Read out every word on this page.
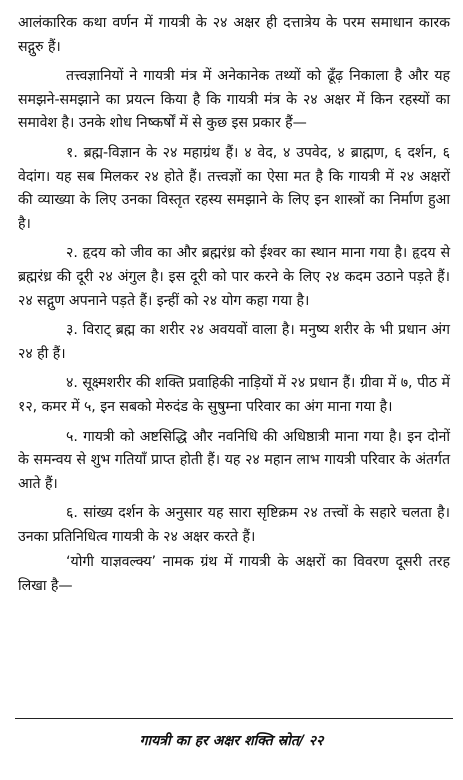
आलंकारिक कथा वर्णन में गायत्री के २४ अक्षर ही दत्तात्रेय के परम समाधान कारक सद्गुरु हैं।

तत्त्वज्ञानियों ने गायत्री मंत्र में अनेकानेक तथ्यों को ढूँढ़ निकाला है और यह समझने-समझाने का प्रयत्न किया है कि गायत्री मंत्र के २४ अक्षर में किन रहस्यों का समावेश है। उनके शोध निष्कर्षों में से कुछ इस प्रकार हैं—

१. ब्रह्म-विज्ञान के २४ महाग्रंथ हैं। ४ वेद, ४ उपवेद, ४ ब्राह्मण, ६ दर्शन, ६ वेदांग। यह सब मिलकर २४ होते हैं। तत्त्वज्ञों का ऐसा मत है कि गायत्री में २४ अक्षरों की व्याख्या के लिए उनका विस्तृत रहस्य समझाने के लिए इन शास्त्रों का निर्माण हुआ है।

२. हृदय को जीव का और ब्रह्मरंध्र को ईश्वर का स्थान माना गया है। हृदय से ब्रह्मरंध्र की दूरी २४ अंगुल है। इस दूरी को पार करने के लिए २४ कदम उठाने पड़ते हैं। २४ सद्गुण अपनाने पड़ते हैं। इन्हीं को २४ योग कहा गया है।

३. विराट् ब्रह्म का शरीर २४ अवयवों वाला है। मनुष्य शरीर के भी प्रधान अंग २४ ही हैं।

४. सूक्ष्मशरीर की शक्ति प्रवाहिकी नाड़ियों में २४ प्रधान हैं। ग्रीवा में ७, पीठ में १२, कमर में ५, इन सबको मेरुदंड के सुषुम्ना परिवार का अंग माना गया है।

५. गायत्री को अष्टसिद्धि और नवनिधि की अधिष्ठात्री माना गया है। इन दोनों के समन्वय से शुभ गतियाँ प्राप्त होती हैं। यह २४ महान लाभ गायत्री परिवार के अंतर्गत आते हैं।

६. सांख्य दर्शन के अनुसार यह सारा सृष्टिक्रम २४ तत्त्वों के सहारे चलता है। उनका प्रतिनिधित्व गायत्री के २४ अक्षर करते हैं।

‘योगी याज्ञवल्क्य’ नामक ग्रंथ में गायत्री के अक्षरों का विवरण दूसरी तरह लिखा है—

गायत्री का हर अक्षर शक्ति स्रोत/ २२
